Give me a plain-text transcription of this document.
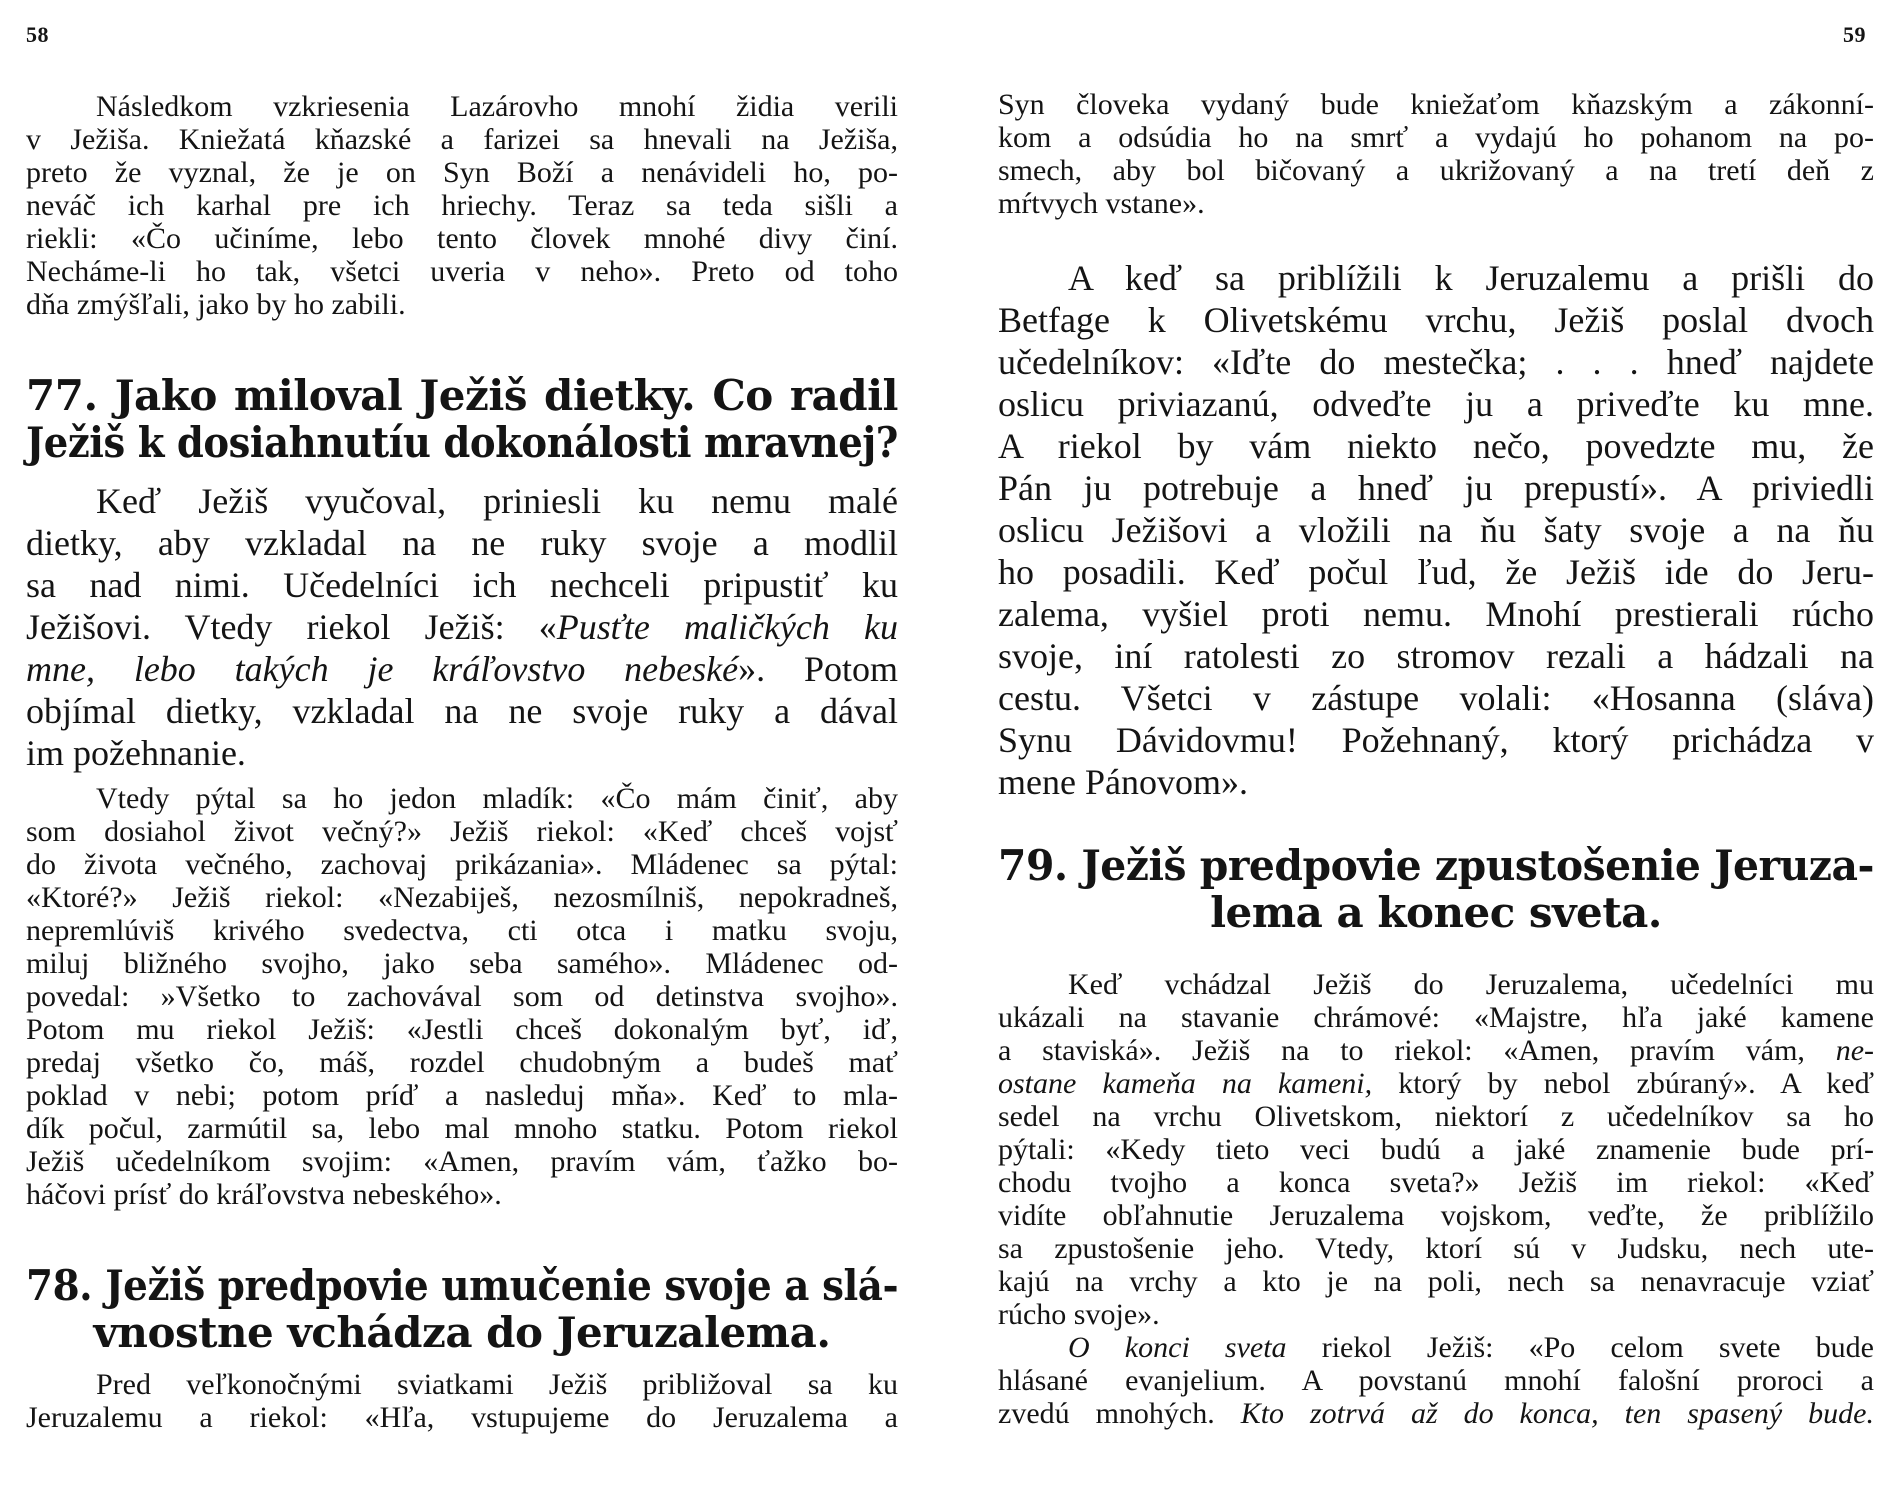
58
Následkom vzkriesenia Lazárovho mnohí židia verili
v Ježiša. Kniežatá kňazské a farizei sa hnevali na Ježiša,
preto že vyznal, že je on Syn Boží a nenávideli ho, po-
neváč ich karhal pre ich hriechy. Teraz sa teda sišli a
riekli: «Čo učiníme, lebo tento človek mnohé divy činí.
Necháme-li ho tak, všetci uveria v neho». Preto od toho
dňa zmýšľali, jako by ho zabili.
77. Jako miloval Ježiš dietky. Co radil
Ježiš k dosiahnutíu dokonálosti mravnej?
Keď Ježiš vyučoval, priniesli ku nemu malé
dietky, aby vzkladal na ne ruky svoje a modlil
sa nad nimi. Učedelníci ich nechceli pripustiť ku
Ježišovi. Vtedy riekol Ježiš: «Pusťte maličkých ku
mne, lebo takých je kráľovstvo nebeské». Potom
objímal dietky, vzkladal na ne svoje ruky a dával
im požehnanie.
Vtedy pýtal sa ho jedon mladík: «Čo mám činiť, aby
som dosiahol život večný?» Ježiš riekol: «Keď chceš vojsť
do života večného, zachovaj prikázania». Mládenec sa pýtal:
«Ktoré?» Ježiš riekol: «Nezabiješ, nezosmílniš, nepokradneš,
nepremlúviš krivého svedectva, cti otca i matku svoju,
miluj bližného svojho, jako seba samého». Mládenec od-
povedal: »Všetko to zachovával som od detinstva svojho».
Potom mu riekol Ježiš: «Jestli chceš dokonalým byť, iď,
predaj všetko čo, máš, rozdel chudobným a budeš mať
poklad v nebi; potom príď a nasleduj mňa». Keď to mla-
dík počul, zarmútil sa, lebo mal mnoho statku. Potom riekol
Ježiš učedelníkom svojim: «Amen, pravím vám, ťažko bo-
háčovi prísť do kráľovstva nebeského».
78. Ježiš predpovie umučenie svoje a slá-
vnostne vchádza do Jeruzalema.
Pred veľkonočnými sviatkami Ježiš približoval sa ku
Jeruzalemu a riekol: «Hľa, vstupujeme do Jeruzalema a
59
Syn človeka vydaný bude kniežaťom kňazským a zákonní-
kom a odsúdia ho na smrť a vydajú ho pohanom na po-
smech, aby bol bičovaný a ukrižovaný a na tretí deň z
mŕtvych vstane».
A keď sa priblížili k Jeruzalemu a prišli do
Betfage k Olivetskému vrchu, Ježiš poslal dvoch
učedelníkov: «Iďte do mestečka; . . . hneď najdete
oslicu priviazanú, odveďte ju a priveďte ku mne.
A riekol by vám niekto nečo, povedzte mu, že
Pán ju potrebuje a hneď ju prepustí». A priviedli
oslicu Ježišovi a vložili na ňu šaty svoje a na ňu
ho posadili. Keď počul ľud, že Ježiš ide do Jeru-
zalema, vyšiel proti nemu. Mnohí prestierali rúcho
svoje, iní ratolesti zo stromov rezali a hádzali na
cestu. Všetci v zástupe volali: «Hosanna (sláva)
Synu Dávidovmu! Požehnaný, ktorý prichádza v
mene Pánovom».
79. Ježiš predpovie zpustošenie Jeruza-
lema a konec sveta.
Keď vchádzal Ježiš do Jeruzalema, učedelníci mu
ukázali na stavanie chrámové: «Majstre, hľa jaké kamene
a staviská». Ježiš na to riekol: «Amen, pravím vám, ne-
ostane kameňa na kameni, ktorý by nebol zbúraný». A keď
sedel na vrchu Olivetskom, niektorí z učedelníkov sa ho
pýtali: «Kedy tieto veci budú a jaké znamenie bude prí-
chodu tvojho a konca sveta?» Ježiš im riekol: «Keď
vidíte obľahnutie Jeruzalema vojskom, veďte, že priblížilo
sa zpustošenie jeho. Vtedy, ktorí sú v Judsku, nech ute-
kajú na vrchy a kto je na poli, nech sa nenavracuje vziať
rúcho svoje».
O konci sveta riekol Ježiš: «Po celom svete bude
hlásané evanjelium. A povstanú mnohí falošní proroci a
zvedú mnohých. Kto zotrvá až do konca, ten spasený bude.
